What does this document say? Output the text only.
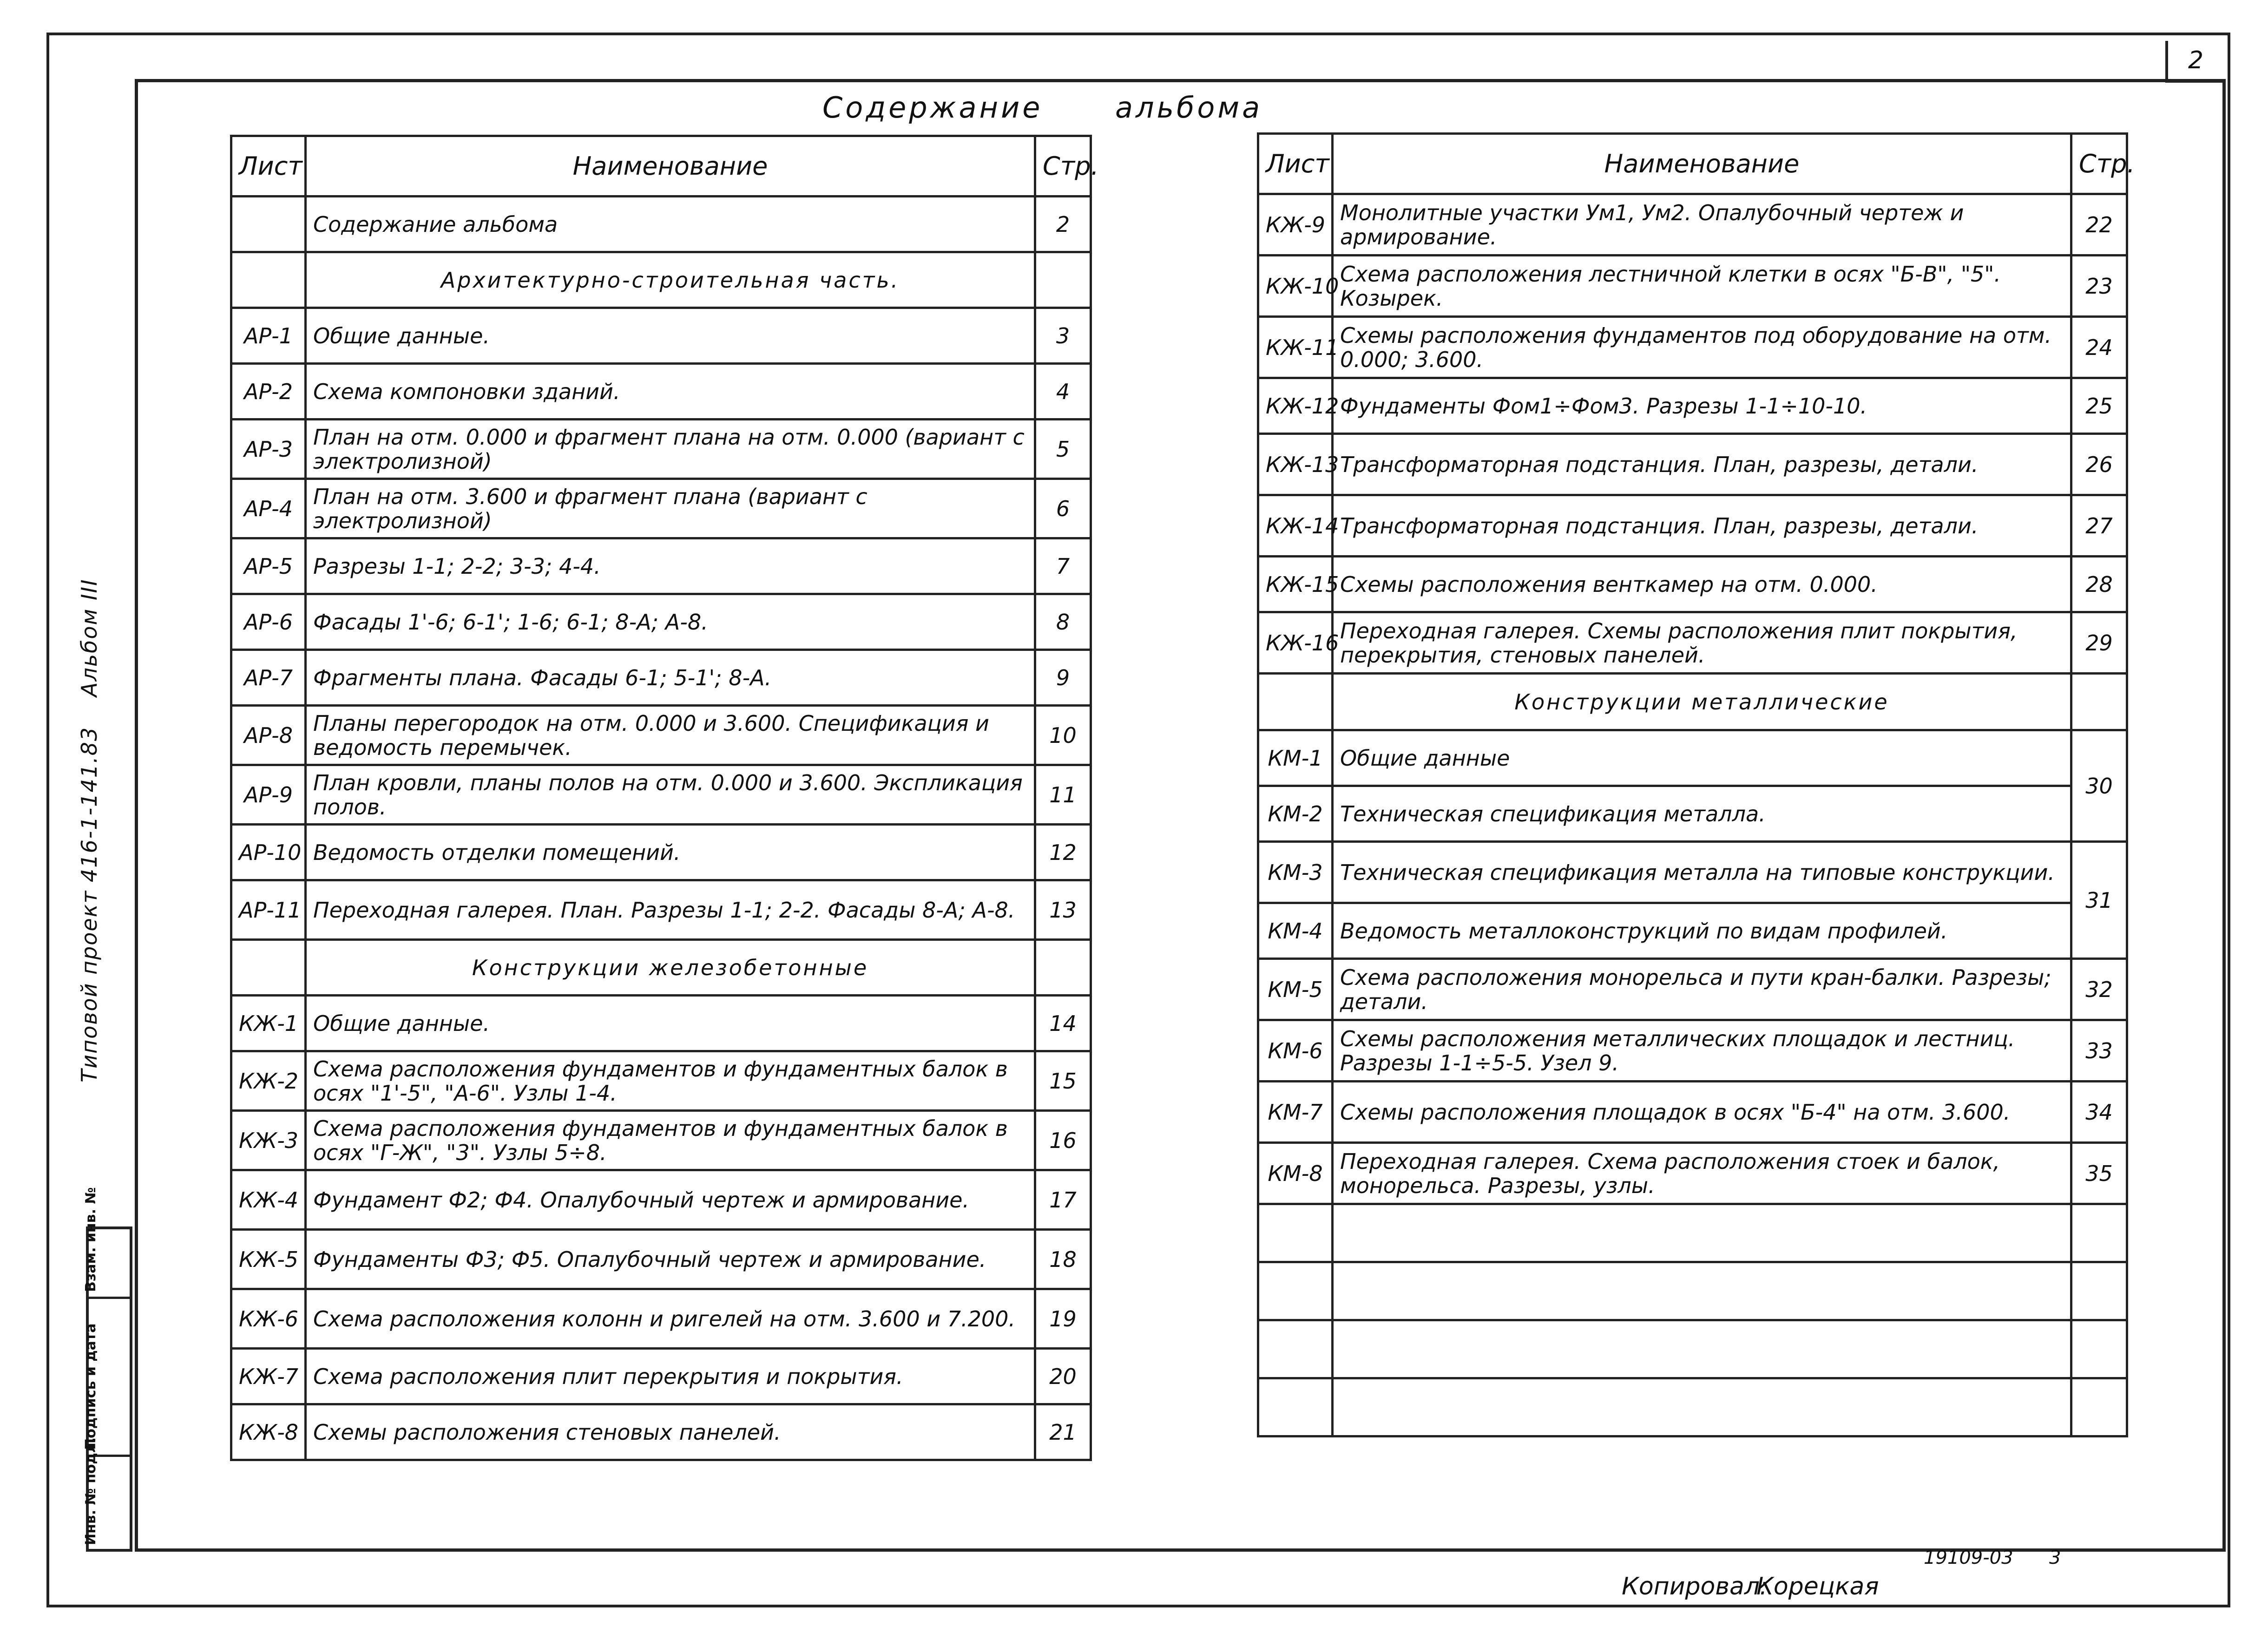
2
Содержание	альбома
Лист	Наименование	Стр.
	Содержание альбома	2
	Архитектурно-строительная часть.	
АР-1	Общие данные.	3
АР-2	Схема компоновки зданий.	4
АР-3	План на отм. 0.000 и фрагмент плана на отм. 0.000 (вариант с электролизной)	5
АР-4	План на отм. 3.600 и фрагмент плана (вариант с электролизной)	6
АР-5	Разрезы 1-1; 2-2; 3-3; 4-4.	7
АР-6	Фасады 1'-6; 6-1'; 1-6; 6-1; 8-А; А-8.	8
АР-7	Фрагменты плана. Фасады 6-1; 5-1'; 8-А.	9
АР-8	Планы перегородок на отм. 0.000 и 3.600. Спецификация и ведомость перемычек.	10
АР-9	План кровли, планы полов на отм. 0.000 и 3.600. Экспликация полов.	11
АР-10	Ведомость отделки помещений.	12
АР-11	Переходная галерея. План. Разрезы 1-1; 2-2. Фасады 8-А; А-8.	13
	Конструкции железобетонные	
КЖ-1	Общие данные.	14
КЖ-2	Схема расположения фундаментов и фундаментных балок в осях "1'-5", "А-6". Узлы 1-4.	15
КЖ-3	Схема расположения фундаментов и фундаментных балок в осях "Г-Ж", "3". Узлы 5÷8.	16
КЖ-4	Фундамент Ф2; Ф4. Опалубочный чертеж и армирование.	17
КЖ-5	Фундаменты Ф3; Ф5. Опалубочный чертеж и армирование.	18
КЖ-6	Схема расположения колонн и ригелей на отм. 3.600 и 7.200.	19
КЖ-7	Схема расположения плит перекрытия и покрытия.	20
КЖ-8	Схемы расположения стеновых панелей.	21
Лист	Наименование	Стр.
КЖ-9	Монолитные участки Ум1, Ум2. Опалубочный чертеж и армирование.	22
КЖ-10	Схема расположения лестничной клетки в осях "Б-В", "5". Козырек.	23
КЖ-11	Схемы расположения фундаментов под оборудование на отм. 0.000; 3.600.	24
КЖ-12	Фундаменты Фом1÷Фом3. Разрезы 1-1÷10-10.	25
КЖ-13	Трансформаторная подстанция. План, разрезы, детали.	26
КЖ-14	Трансформаторная подстанция. План, разрезы, детали.	27
КЖ-15	Схемы расположения венткамер на отм. 0.000.	28
КЖ-16	Переходная галерея. Схемы расположения плит покрытия, перекрытия, стеновых панелей.	29
	Конструкции металлические	
КМ-1	Общие данные	30
КМ-2	Техническая спецификация металла.	
КМ-3	Техническая спецификация металла на типовые конструкции.	31
КМ-4	Ведомость металлоконструкций по видам профилей.	
КМ-5	Схема расположения монорельса и пути кран-балки. Разрезы; детали.	32
КМ-6	Схемы расположения металлических площадок и лестниц. Разрезы 1-1÷5-5. Узел 9.	33
КМ-7	Схемы расположения площадок в осях "Б-4" на отм. 3.600.	34
КМ-8	Переходная галерея. Схема расположения стоек и балок, монорельса. Разрезы, узлы.	35

Типовой проект 416-1-141.83
Альбом III
Взам. инв. №
Подпись и дата
Инв. № подл.
19109-03 3
Копировал:
Корецкая
